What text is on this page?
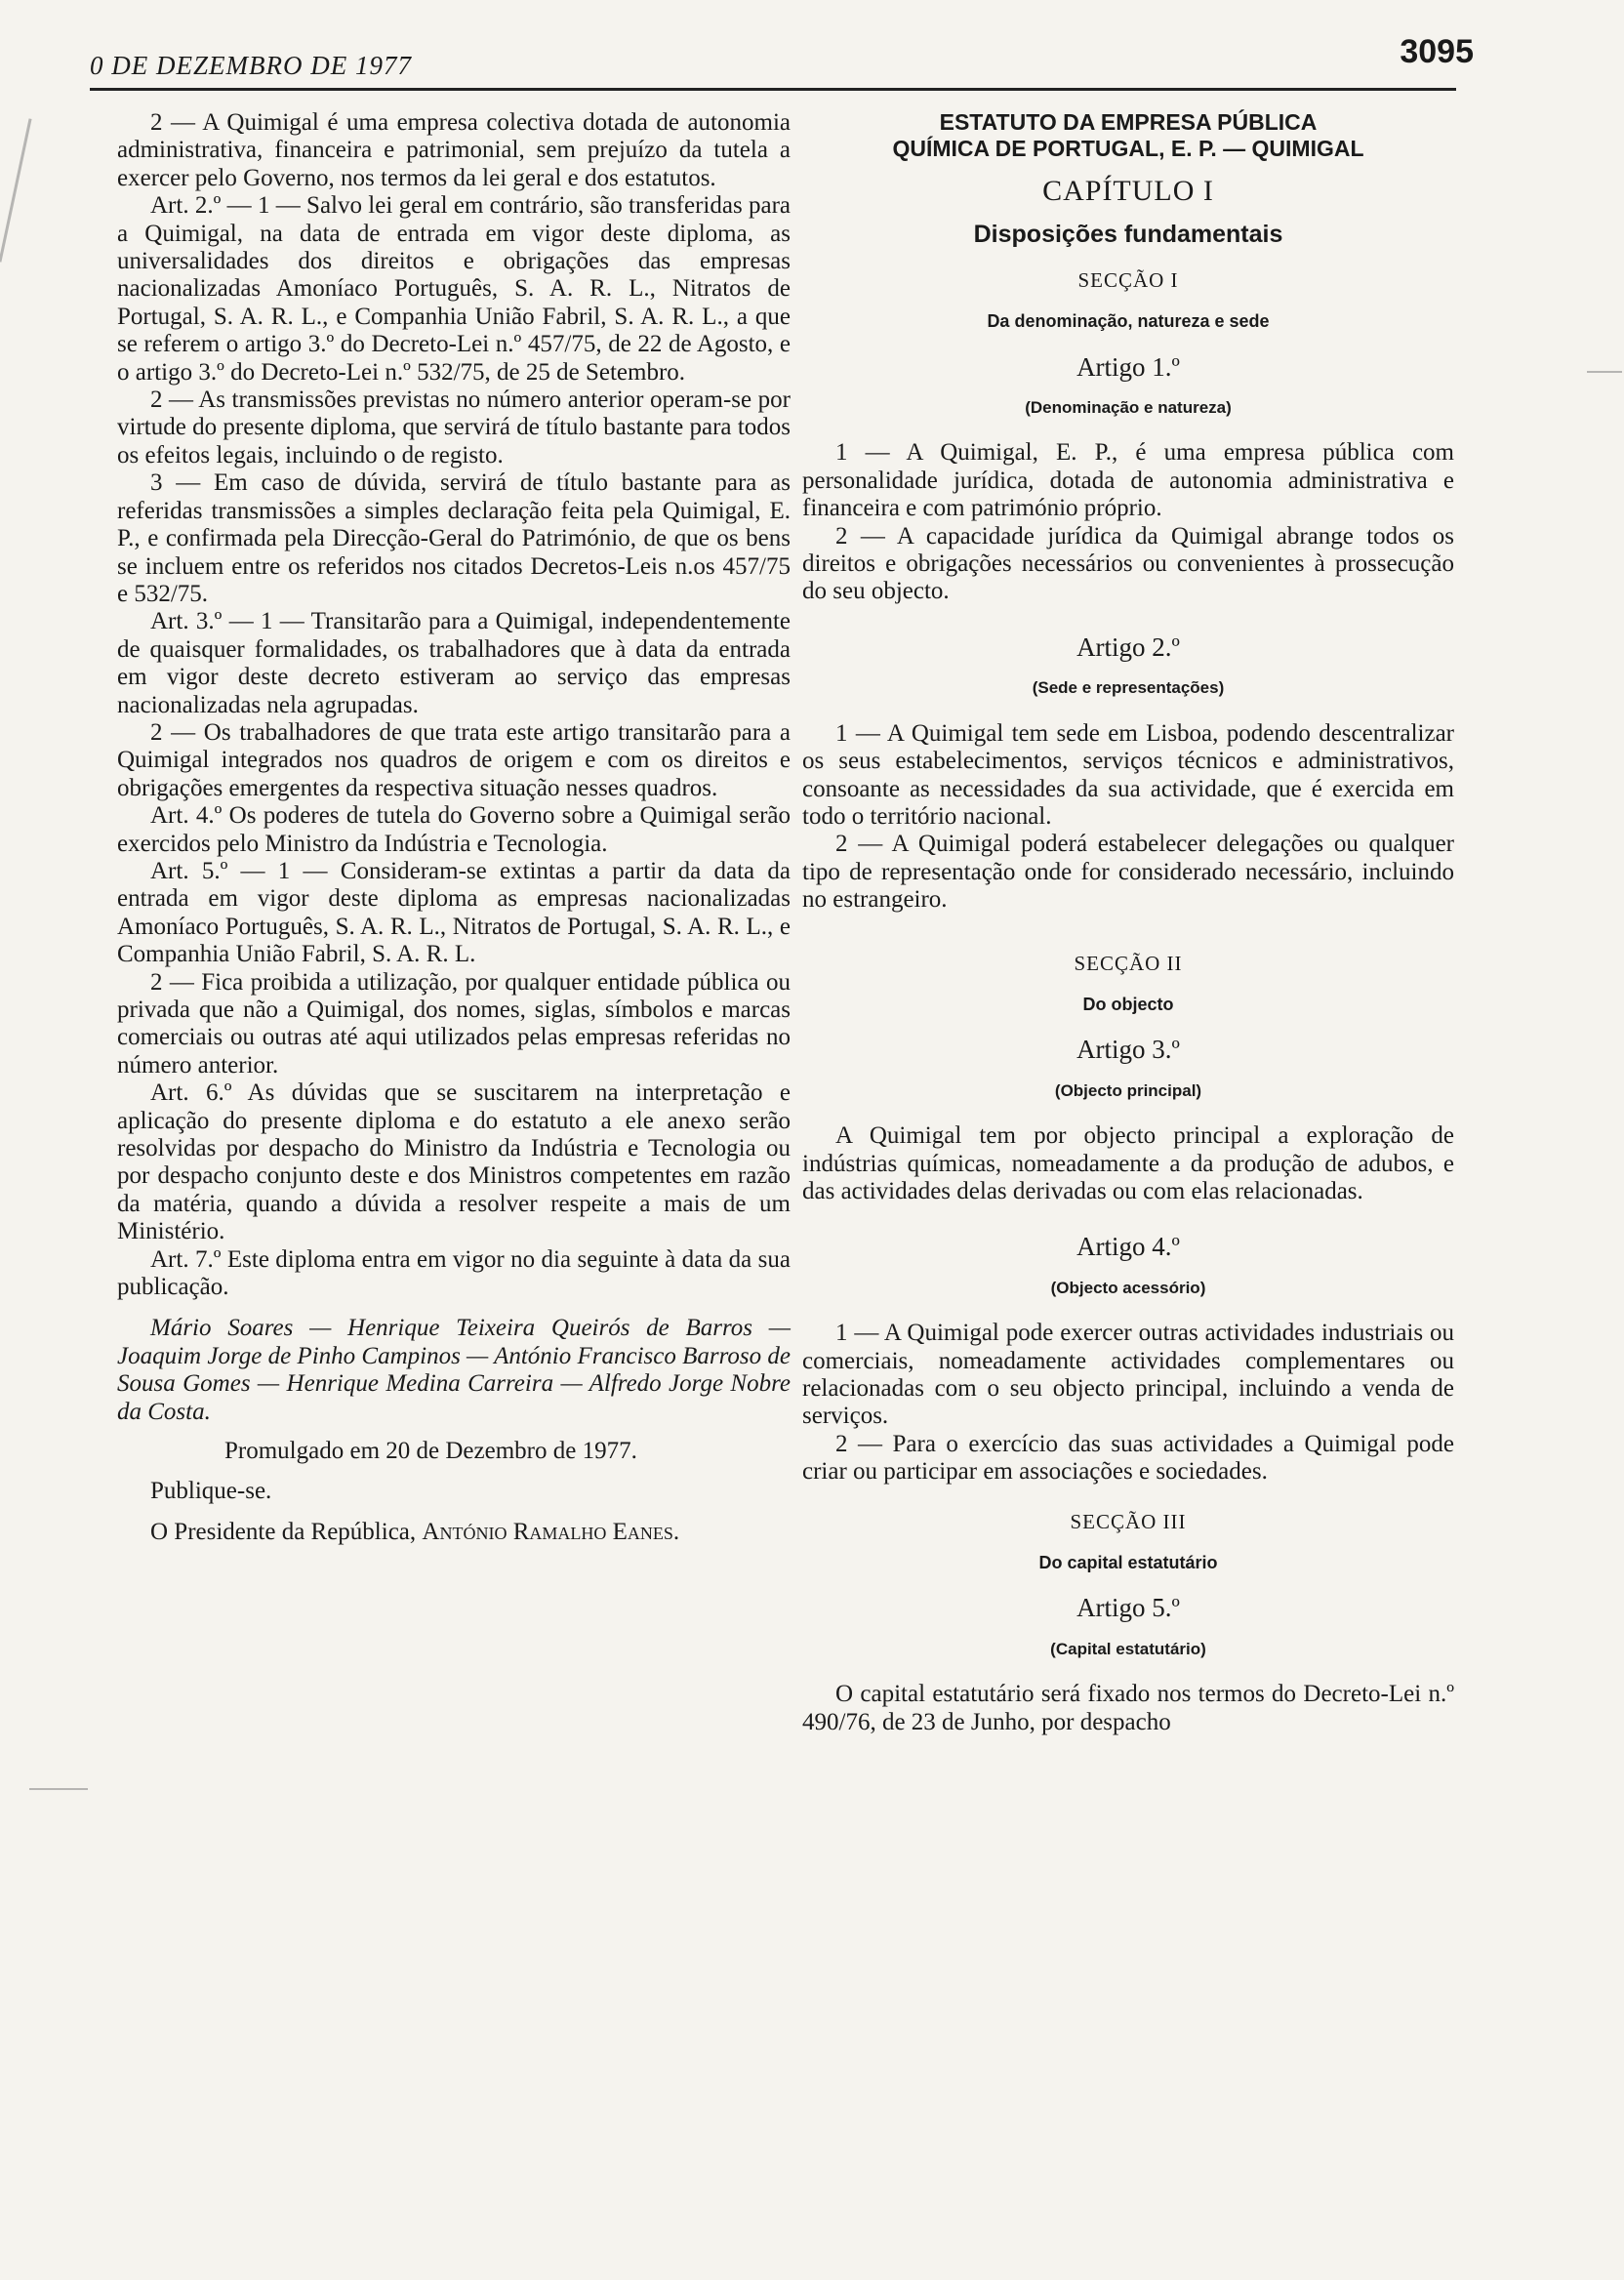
0 DE DEZEMBRO DE 1977	3095

2 — A Quimigal é uma empresa colectiva dotada de autonomia administrativa, financeira e patrimonial, sem prejuízo da tutela a exercer pelo Governo, nos termos da lei geral e dos estatutos.

Art. 2.º — 1 — Salvo lei geral em contrário, são transferidas para a Quimigal, na data de entrada em vigor deste diploma, as universalidades dos direitos e obrigações das empresas nacionalizadas Amoníaco Português, S. A. R. L., Nitratos de Portugal, S. A. R. L., e Companhia União Fabril, S. A. R. L., a que se referem o artigo 3.º do Decreto-Lei n.º 457/75, de 22 de Agosto, e o artigo 3.º do Decreto-Lei n.º 532/75, de 25 de Setembro.

2 — As transmissões previstas no número anterior operam-se por virtude do presente diploma, que servirá de título bastante para todos os efeitos legais, incluindo o de registo.

3 — Em caso de dúvida, servirá de título bastante para as referidas transmissões a simples declaração feita pela Quimigal, E. P., e confirmada pela Direcção-Geral do Património, de que os bens se incluem entre os referidos nos citados Decretos-Leis n.os 457/75 e 532/75.

Art. 3.º — 1 — Transitarão para a Quimigal, independentemente de quaisquer formalidades, os trabalhadores que à data da entrada em vigor deste decreto estiveram ao serviço das empresas nacionalizadas nela agrupadas.

2 — Os trabalhadores de que trata este artigo transitarão para a Quimigal integrados nos quadros de origem e com os direitos e obrigações emergentes da respectiva situação nesses quadros.

Art. 4.º Os poderes de tutela do Governo sobre a Quimigal serão exercidos pelo Ministro da Indústria e Tecnologia.

Art. 5.º — 1 — Consideram-se extintas a partir da data da entrada em vigor deste diploma as empresas nacionalizadas Amoníaco Português, S. A. R. L., Nitratos de Portugal, S. A. R. L., e Companhia União Fabril, S. A. R. L.

2 — Fica proibida a utilização, por qualquer entidade pública ou privada que não a Quimigal, dos nomes, siglas, símbolos e marcas comerciais ou outras até aqui utilizados pelas empresas referidas no número anterior.

Art. 6.º As dúvidas que se suscitarem na interpretação e aplicação do presente diploma e do estatuto a ele anexo serão resolvidas por despacho do Ministro da Indústria e Tecnologia ou por despacho conjunto deste e dos Ministros competentes em razão da matéria, quando a dúvida a resolver respeite a mais de um Ministério.

Art. 7.º Este diploma entra em vigor no dia seguinte à data da sua publicação.

Mário Soares — Henrique Teixeira Queirós de Barros — Joaquim Jorge de Pinho Campinos — António Francisco Barroso de Sousa Gomes — Henrique Medina Carreira — Alfredo Jorge Nobre da Costa.

Promulgado em 20 de Dezembro de 1977.

Publique-se.

O Presidente da República, António Ramalho Eanes.

ESTATUTO DA EMPRESA PÚBLICA
QUÍMICA DE PORTUGAL, E. P. — QUIMIGAL
CAPÍTULO I
Disposições fundamentais
SECÇÃO I
Da denominação, natureza e sede
Artigo 1.º
(Denominação e natureza)

1 — A Quimigal, E. P., é uma empresa pública com personalidade jurídica, dotada de autonomia administrativa e financeira e com património próprio.

2 — A capacidade jurídica da Quimigal abrange todos os direitos e obrigações necessários ou convenientes à prossecução do seu objecto.

Artigo 2.º
(Sede e representações)

1 — A Quimigal tem sede em Lisboa, podendo descentralizar os seus estabelecimentos, serviços técnicos e administrativos, consoante as necessidades da sua actividade, que é exercida em todo o território nacional.

2 — A Quimigal poderá estabelecer delegações ou qualquer tipo de representação onde for considerado necessário, incluindo no estrangeiro.

SECÇÃO II
Do objecto
Artigo 3.º
(Objecto principal)

A Quimigal tem por objecto principal a exploração de indústrias químicas, nomeadamente a da produção de adubos, e das actividades delas derivadas ou com elas relacionadas.

Artigo 4.º
(Objecto acessório)

1 — A Quimigal pode exercer outras actividades industriais ou comerciais, nomeadamente actividades complementares ou relacionadas com o seu objecto principal, incluindo a venda de serviços.

2 — Para o exercício das suas actividades a Quimigal pode criar ou participar em associações e sociedades.

SECÇÃO III
Do capital estatutário
Artigo 5.º
(Capital estatutário)

O capital estatutário será fixado nos termos do Decreto-Lei n.º 490/76, de 23 de Junho, por despacho
